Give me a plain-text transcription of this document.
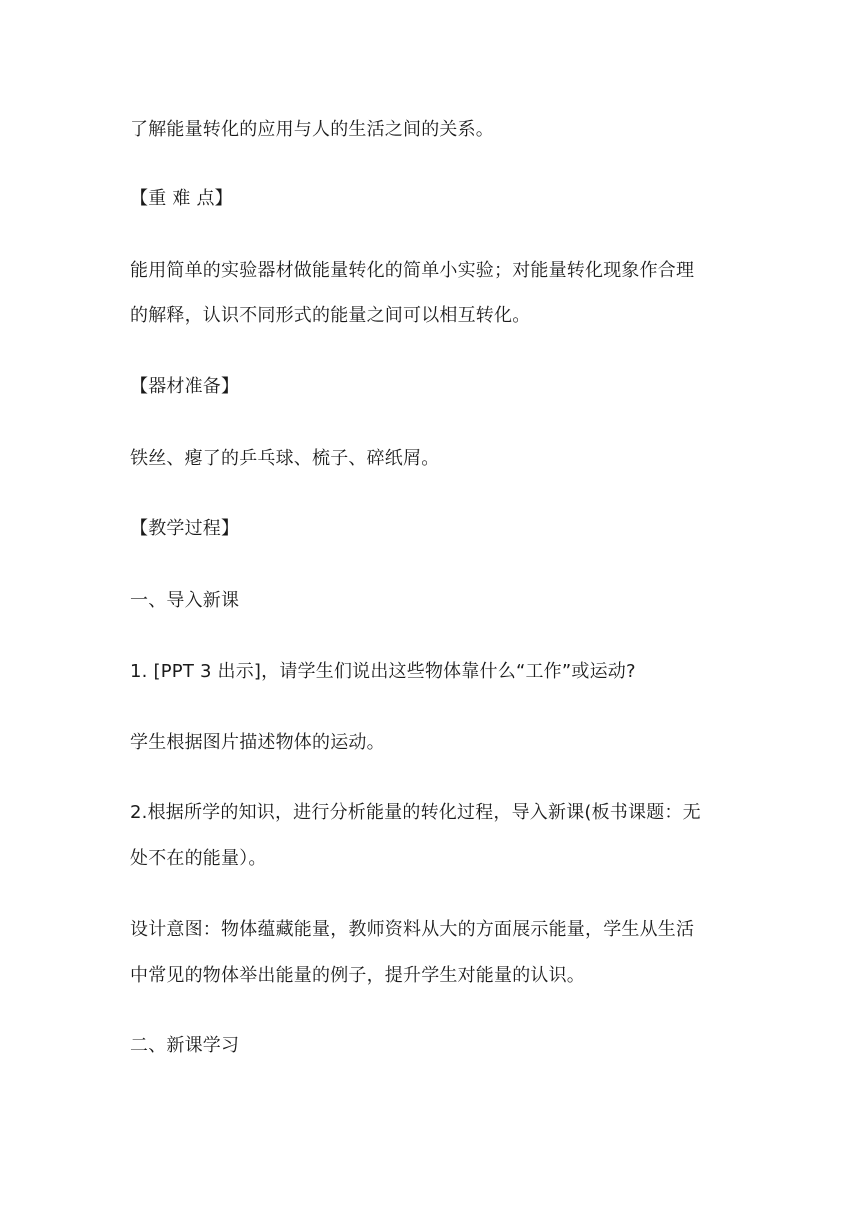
了解能量转化的应用与人的生活之间的关系。
【重 难 点】
能用简单的实验器材做能量转化的简单小实验；对能量转化现象作合理
的解释，认识不同形式的能量之间可以相互转化。
【器材准备】
铁丝、瘪了的乒乓球、梳子、碎纸屑。
【教学过程】
一、导入新课
1. [PPT 3 出示]，请学生们说出这些物体靠什么“工作”或运动?
学生根据图片描述物体的运动。
2.根据所学的知识，进行分析能量的转化过程，导入新课(板书课题：无
处不在的能量）。
设计意图：物体蕴藏能量，教师资料从大的方面展示能量，学生从生活
中常见的物体举出能量的例子，提升学生对能量的认识。
二、新课学习
